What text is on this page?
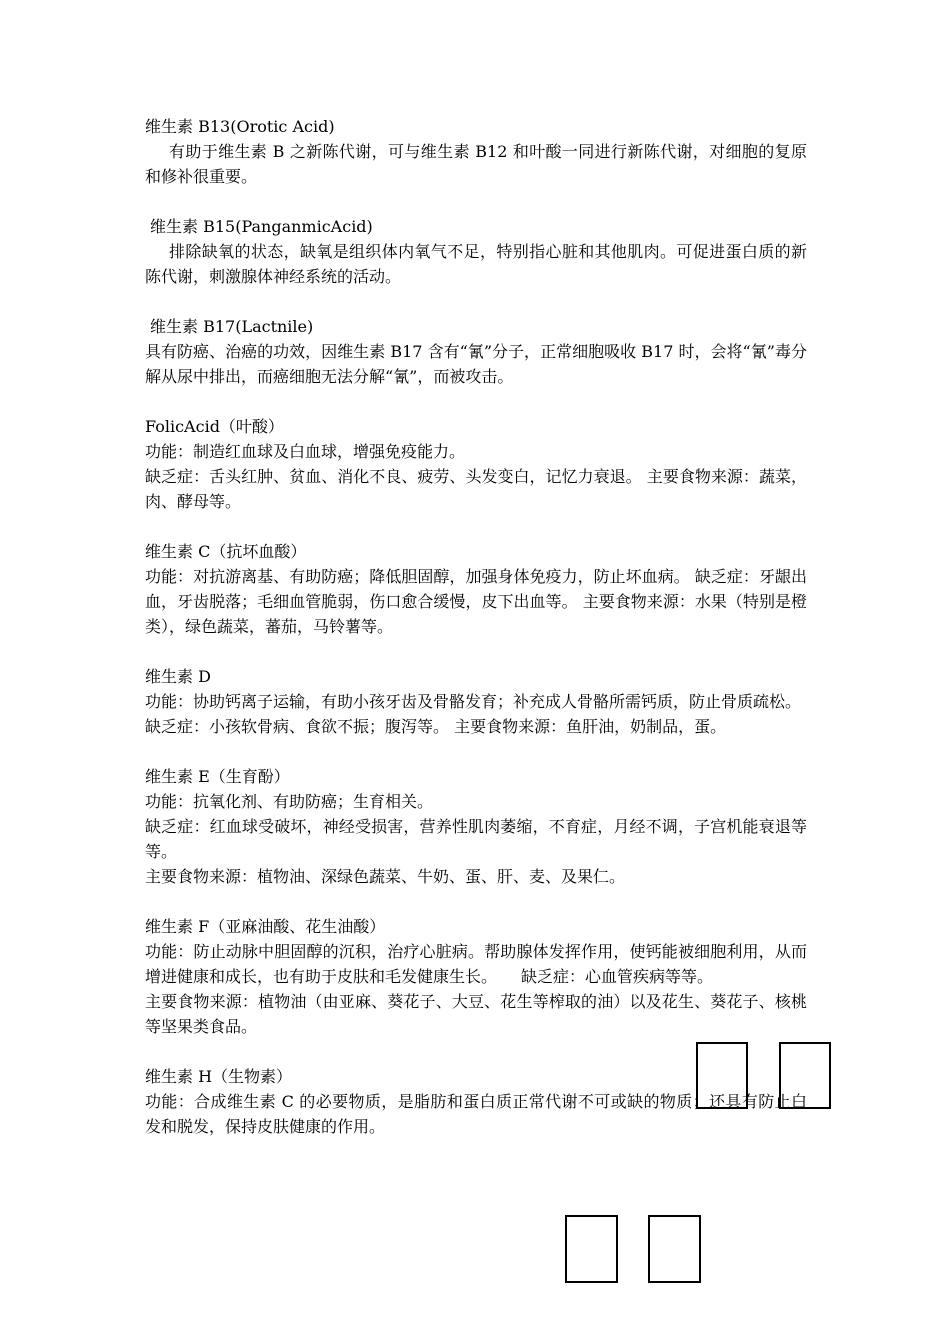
维生素 B13(Orotic Acid)

有助于维生素 B 之新陈代谢，可与维生素 B12 和叶酸一同进行新陈代谢，对细胞的复原和修补很重要。

维生素 B15(PanganmicAcid)

排除缺氧的状态，缺氧是组织体内氧气不足，特别指心脏和其他肌肉。可促进蛋白质的新陈代谢，刺激腺体神经系统的活动。

维生素 B17(Lactnile)

具有防癌、治癌的功效，因维生素 B17 含有“氰”分子，正常细胞吸收 B17 时，会将“氰”毒分解从尿中排出，而癌细胞无法分解“氰”，而被攻击。

FolicAcid（叶酸）

功能：制造红血球及白血球，增强免疫能力。

缺乏症：舌头红肿、贫血、消化不良、疲劳、头发变白，记忆力衰退。 主要食物来源：蔬菜，肉、酵母等。

维生素 C（抗坏血酸）

功能：对抗游离基、有助防癌；降低胆固醇，加强身体免疫力，防止坏血病。 缺乏症：牙龈出血，牙齿脱落；毛细血管脆弱，伤口愈合缓慢，皮下出血等。 主要食物来源：水果（特别是橙类），绿色蔬菜，蕃茄，马铃薯等。

维生素 D

功能：协助钙离子运输，有助小孩牙齿及骨骼发育；补充成人骨骼所需钙质，防止骨质疏松。

缺乏症：小孩软骨病、食欲不振；腹泻等。 主要食物来源：鱼肝油，奶制品，蛋。

维生素 E（生育酚）

功能：抗氧化剂、有助防癌；生育相关。

缺乏症：红血球受破坏，神经受损害，营养性肌肉萎缩，不育症，月经不调，子宫机能衰退等等。

主要食物来源：植物油、深绿色蔬菜、牛奶、蛋、肝、麦、及果仁。

维生素 F（亚麻油酸、花生油酸）

功能：防止动脉中胆固醇的沉积，治疗心脏病。帮助腺体发挥作用，使钙能被细胞利用，从而增进健康和成长，也有助于皮肤和毛发健康生长。　　缺乏症：心血管疾病等等。

主要食物来源：植物油（由亚麻、葵花子、大豆、花生等榨取的油）以及花生、葵花子、核桃等坚果类食品。

维生素 H（生物素）

功能：合成维生素 C 的必要物质，是脂肪和蛋白质正常代谢不可或缺的物质；还具有防止白发和脱发，保持皮肤健康的作用。
